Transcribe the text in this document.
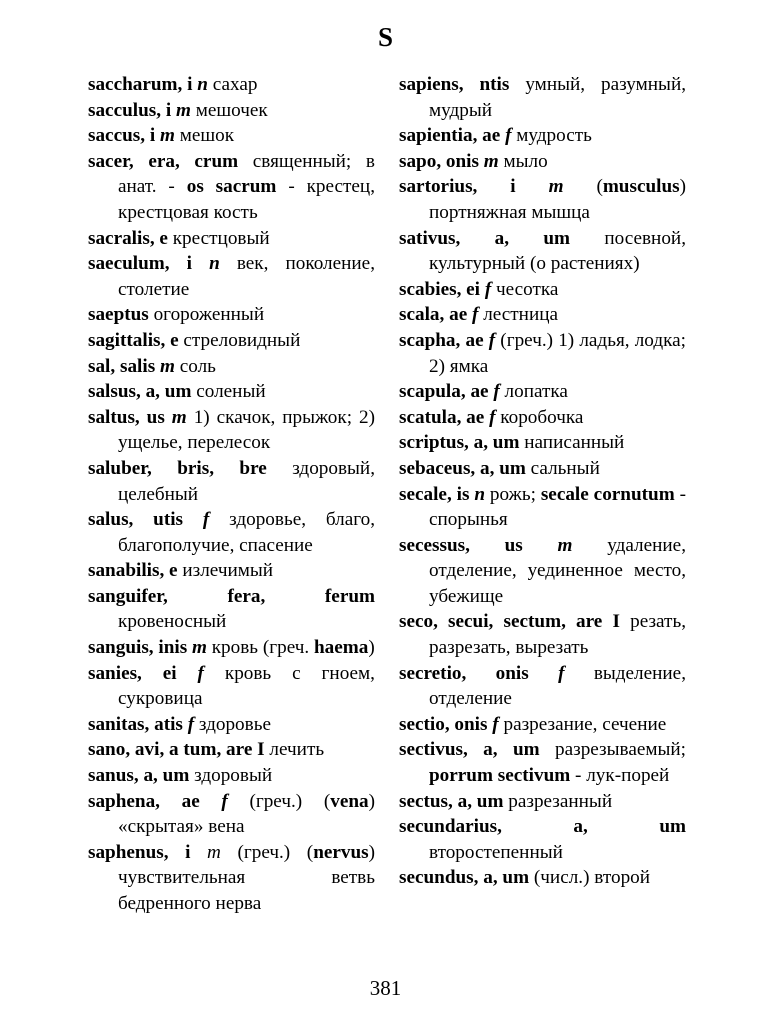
S
saccharum, i n сахар
sacculus, i m мешочек
saccus, i m мешок
sacer, era, crum священный; в анат. - os sacrum - крестец, крестцовая кость
sacralis, e крестцовый
saeculum, i n век, поколение, столетие
saeptus огороженный
sagittalis, e стреловидный
sal, salis m соль
salsus, a, um соленый
saltus, us m 1) скачок, прыжок; 2) ущелье, перелесок
saluber, bris, bre здоровый, целебный
salus, utis f здоровье, благо, благополучие, спасение
sanabilis, e излечимый
sanguifer, fera, ferum кровеносный
sanguis, inis m кровь (греч. haema)
sanies, ei f кровь с гноем, сукровица
sanitas, atis f здоровье
sano, avi, a tum, are I лечить
sanus, a, um здоровый
saphena, ae f (греч.) (vena) «скрытая» вена
saphenus, i m (греч.) (nervus) чувствительная ветвь бедренного нерва
sapiens, ntis умный, разумный, мудрый
sapientia, ae f мудрость
sapo, onis m мыло
sartorius, i m (musculus) портняжная мышца
sativus, a, um посевной, культурный (о растениях)
scabies, ei f чесотка
scala, ae f лестница
scapha, ae f (греч.) 1) ладья, лодка; 2) ямка
scapula, ae f лопатка
scatula, ae f коробочка
scriptus, a, um написанный
sebaceus, a, um сальный
secale, is n рожь; secale cornutum - спорынья
secessus, us m удаление, отделение, уединенное место, убежище
seco, secui, sectum, are I резать, разрезать, вырезать
secretio, onis f выделение, отделение
sectio, onis f разрезание, сечение
sectivus, a, um разрезываемый; porrum sectivum - лук-порей
sectus, a, um разрезанный
secundarius, a, um второстепенный
secundus, a, um (числ.) второй
381
